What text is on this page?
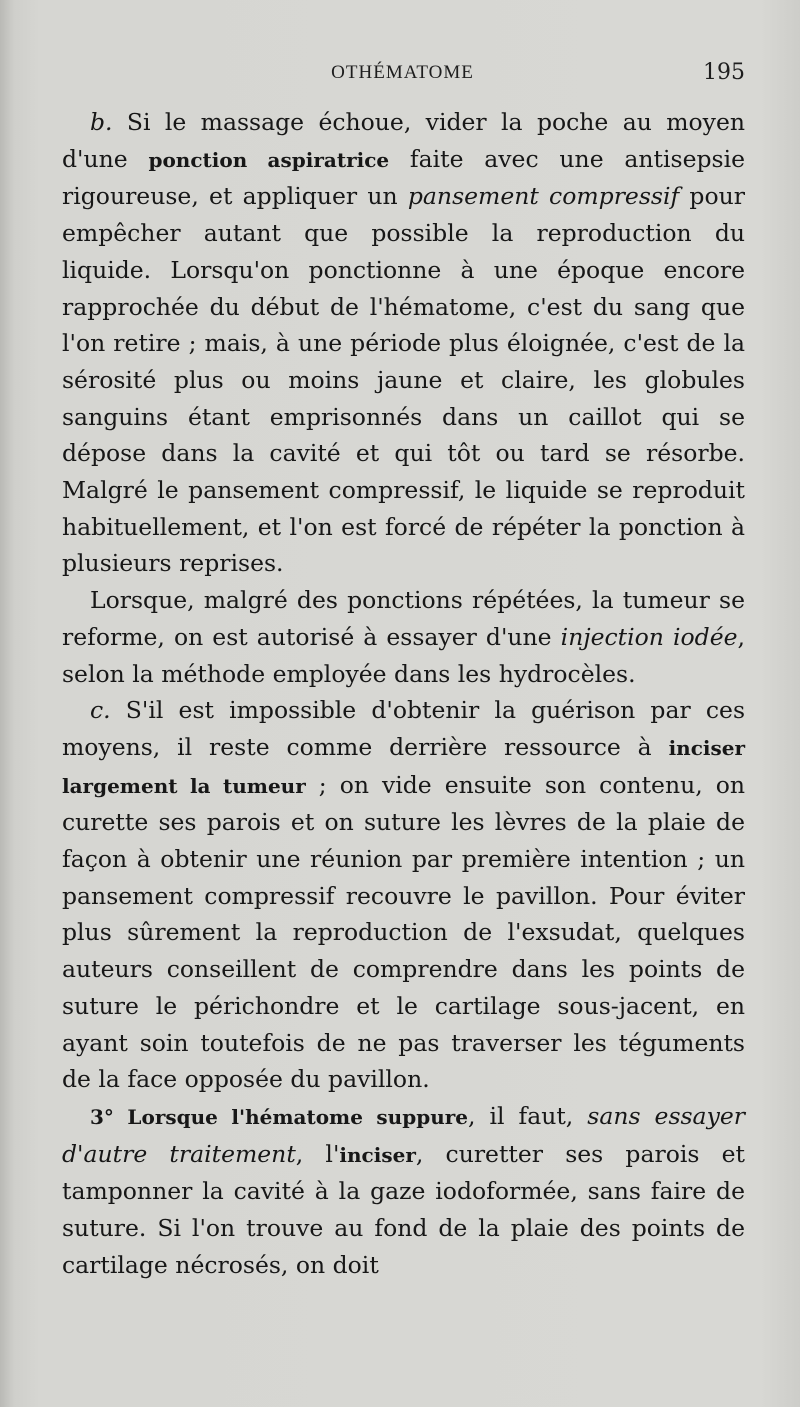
OTHÉMATOME	195

b. Si le massage échoue, vider la poche au moyen d'une ponction aspiratrice faite avec une antisepsie rigoureuse, et appliquer un pansement compressif pour empêcher autant que possible la reproduction du liquide. Lorsqu'on ponctionne à une époque encore rapprochée du début de l'hématome, c'est du sang que l'on retire ; mais, à une période plus éloignée, c'est de la sérosité plus ou moins jaune et claire, les globules sanguins étant emprisonnés dans un caillot qui se dépose dans la cavité et qui tôt ou tard se résorbe. Malgré le pansement compressif, le liquide se reproduit habituellement, et l'on est forcé de répéter la ponction à plusieurs reprises.

Lorsque, malgré des ponctions répétées, la tumeur se reforme, on est autorisé à essayer d'une injection iodée, selon la méthode employée dans les hydrocèles.

c. S'il est impossible d'obtenir la guérison par ces moyens, il reste comme derrière ressource à inciser largement la tumeur ; on vide ensuite son contenu, on curette ses parois et on suture les lèvres de la plaie de façon à obtenir une réunion par première intention ; un pansement compressif recouvre le pavillon. Pour éviter plus sûrement la reproduction de l'exsudat, quelques auteurs conseillent de comprendre dans les points de suture le périchondre et le cartilage sous-jacent, en ayant soin toutefois de ne pas traverser les téguments de la face opposée du pavillon.

3° Lorsque l'hématome suppure, il faut, sans essayer d'autre traitement, l'inciser, curetter ses parois et tamponner la cavité à la gaze iodoformée, sans faire de suture. Si l'on trouve au fond de la plaie des points de cartilage nécrosés, on doit
